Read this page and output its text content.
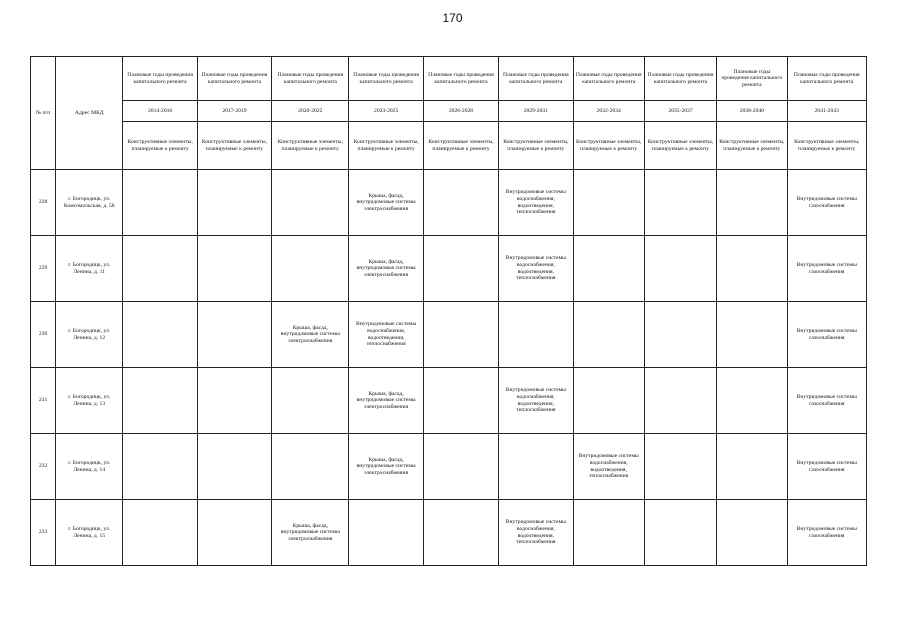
170
№ п/п	Адрес МКД	Плановые годы проведения капитального ремонта	Плановые годы проведения капитального ремонта	Плановые годы проведения капитального ремонта	Плановые годы проведения капитального ремонта	Плановые годы проведения капитального ремонта	Плановые годы проведения капитального ремонта	Плановые годы проведения капитального ремонта	Плановые годы проведения капитального ремонта	Плановые годы проведения капитального ремонта	Плановые годы проведения капитального ремонта
		2014-2016	2017-2019	2020-2022	2023-2025	2026-2028	2029-2031	2032-2034	2035-2037	2038-2040	2041-2043
		Конструктивные элементы, планируемые к ремонту	Конструктивные элементы, планируемые к ремонту	Конструктивные элементы, планируемые к ремонту	Конструктивные элементы, планируемые к ремонту	Конструктивные элементы, планируемые к ремонту	Конструктивные элементы, планируемые к ремонту	Конструктивные элементы, планируемые к ремонту	Конструктивные элементы, планируемые к ремонту	Конструктивные элементы, планируемые к ремонту	Конструктивные элементы, планируемые к ремонту
228	г. Богородицк, ул. Комсомольская, д. 58				Крыша, фасад, внутридомовые системы электроснабжения		Внутридомовые системы водоснабжения, водоотведения, теплоснабжения				Внутридомовые системы газоснабжения
229	г. Богородицк, ул. Ленина, д. 11				Крыша, фасад, внутридомовые системы электроснабжения		Внутридомовые системы водоснабжения, водоотведения, теплоснабжения				Внутридомовые системы газоснабжения
230	г. Богородицк, ул. Ленина, д. 12			Крыша, фасад, внутридомовые системы электроснабжения	Внутридомовые системы водоснабжения, водоотведения, теплоснабжения						Внутридомовые системы газоснабжения
231	г. Богородицк, ул. Ленина, д. 13				Крыша, фасад, внутридомовые системы электроснабжения		Внутридомовые системы водоснабжения, водоотведения, теплоснабжения				Внутридомовые системы газоснабжения
232	г. Богородицк, ул. Ленина, д. 14				Крыша, фасад, внутридомовые системы электроснабжения			Внутридомовые системы водоснабжения, водоотведения, теплоснабжения			Внутридомовые системы газоснабжения
233	г. Богородицк, ул. Ленина, д. 15			Крыша, фасад, внутридомовые системы электроснабжения			Внутридомовые системы водоснабжения, водоотведения, теплоснабжения				Внутридомовые системы газоснабжения
